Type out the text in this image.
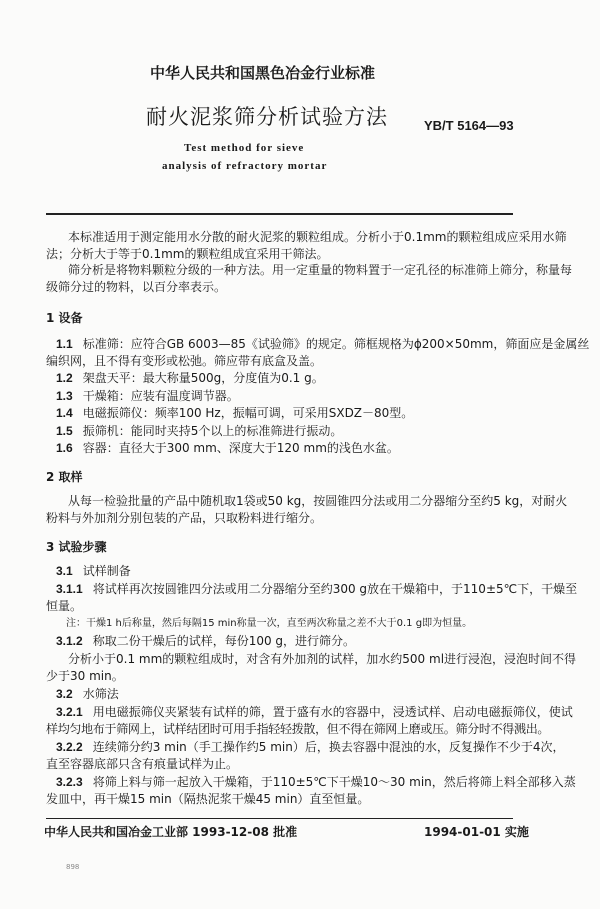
中华人民共和国黑色冶金行业标准
耐火泥浆筛分析试验方法	YB/T 5164—93
Test method for sieve
analysis of refractory mortar
本标准适用于测定能用水分散的耐火泥浆的颗粒组成。分析小于0.1mm的颗粒组成应采用水筛
法；分析大于等于0.1mm的颗粒组成宜采用干筛法。
筛分析是将物料颗粒分级的一种方法。用一定重量的物料置于一定孔径的标准筛上筛分，称量每
级筛分过的物料，以百分率表示。
1 设备
1.1 标准筛：应符合GB 6003—85《试验筛》的规定。筛框规格为ϕ200×50mm，筛面应是金属丝
编织网，且不得有变形或松弛。筛应带有底盒及盖。
1.2 架盘天平：最大称量500g，分度值为0.1 g。
1.3 干燥箱：应装有温度调节器。
1.4 电磁振筛仪：频率100 Hz，振幅可调，可采用SXDZ－80型。
1.5 振筛机：能同时夹持5个以上的标准筛进行振动。
1.6 容器：直径大于300 mm、深度大于120 mm的浅色水盆。
2 取样
从每一检验批量的产品中随机取1袋或50 kg，按圆锥四分法或用二分器缩分至约5 kg，对耐火
粉料与外加剂分别包装的产品，只取粉料进行缩分。
3 试验步骤
3.1 试样制备
3.1.1 将试样再次按圆锥四分法或用二分器缩分至约300 g放在干燥箱中，于110±5℃下，干燥至
恒量。
注：干燥1 h后称量，然后每隔15 min称量一次，直至两次称量之差不大于0.1 g即为恒量。
3.1.2 称取二份干燥后的试样，每份100 g，进行筛分。
分析小于0.1 mm的颗粒组成时，对含有外加剂的试样，加水约500 ml进行浸泡，浸泡时间不得
少于30 min。
3.2 水筛法
3.2.1 用电磁振筛仪夹紧装有试样的筛，置于盛有水的容器中，浸透试样、启动电磁振筛仪，使试
样均匀地布于筛网上，试样结团时可用手指轻轻拨散，但不得在筛网上磨或压。筛分时不得溅出。
3.2.2 连续筛分约3 min（手工操作约5 min）后，换去容器中混浊的水，反复操作不少于4次，
直至容器底部只含有痕量试样为止。
3.2.3 将筛上料与筛一起放入干燥箱，于110±5℃下干燥10～30 min，然后将筛上料全部移入蒸
发皿中，再干燥15 min（隔热泥浆干燥45 min）直至恒量。
中华人民共和国冶金工业部 1993-12-08 批准	1994-01-01 实施
898
